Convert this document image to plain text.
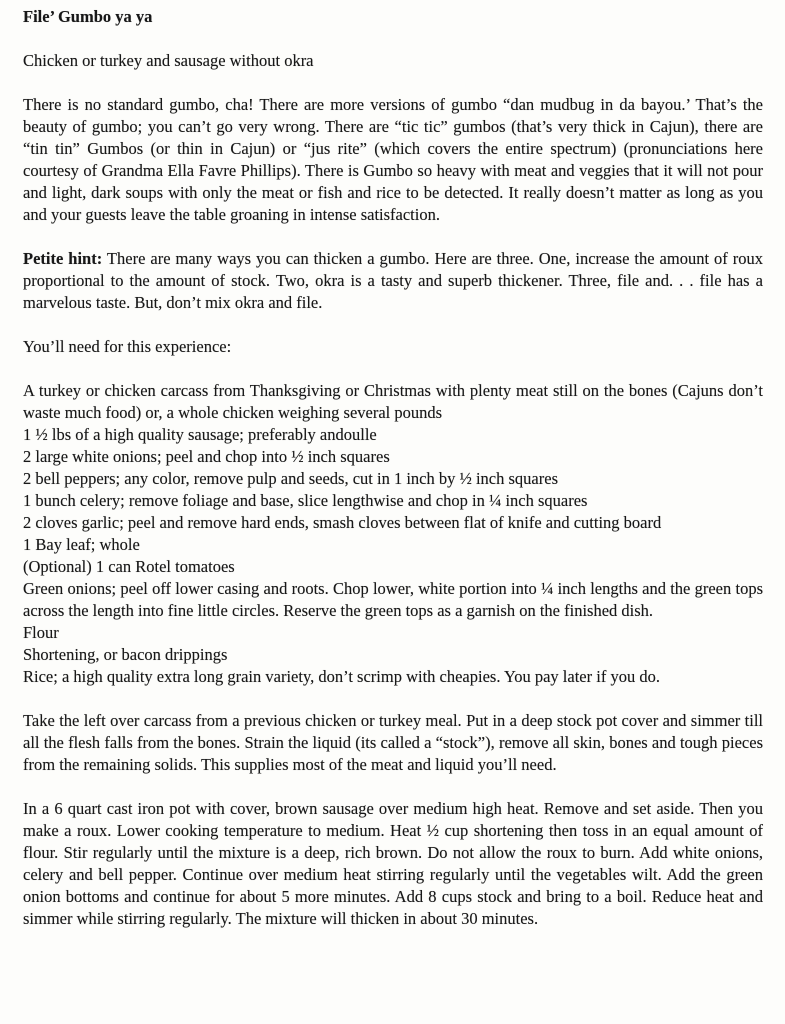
File’ Gumbo ya ya

Chicken or turkey and sausage without okra

There is no standard gumbo, cha! There are more versions of gumbo “dan mudbug in da bayou.’ That’s the beauty of gumbo; you can’t go very wrong. There are “tic tic” gumbos (that’s very thick in Cajun), there are “tin tin” Gumbos (or thin in Cajun) or “jus rite” (which covers the entire spectrum) (pronunciations here courtesy of Grandma Ella Favre Phillips). There is Gumbo so heavy with meat and veggies that it will not pour and light, dark soups with only the meat or fish and rice to be detected. It really doesn’t matter as long as you and your guests leave the table groaning in intense satisfaction.

Petite hint: There are many ways you can thicken a gumbo. Here are three. One, increase the amount of roux proportional to the amount of stock. Two, okra is a tasty and superb thickener. Three, file and. . . file has a marvelous taste. But, don’t mix okra and file.

You’ll need for this experience:

A turkey or chicken carcass from Thanksgiving or Christmas with plenty meat still on the bones (Cajuns don’t waste much food) or, a whole chicken weighing several pounds

1 ½ lbs of a high quality sausage; preferably andoulle

2 large white onions; peel and chop into ½ inch squares

2 bell peppers; any color, remove pulp and seeds, cut in 1 inch by ½ inch squares

1 bunch celery; remove foliage and base, slice lengthwise and chop in ¼ inch squares

2 cloves garlic; peel and remove hard ends, smash cloves between flat of knife and cutting board

1 Bay leaf; whole

(Optional) 1 can Rotel tomatoes

Green onions; peel off lower casing and roots. Chop lower, white portion into ¼ inch lengths and the green tops across the length into fine little circles. Reserve the green tops as a garnish on the finished dish.

Flour

Shortening, or bacon drippings

Rice; a high quality extra long grain variety, don’t scrimp with cheapies. You pay later if you do.

Take the left over carcass from a previous chicken or turkey meal. Put in a deep stock pot cover and simmer till all the flesh falls from the bones. Strain the liquid (its called a “stock”), remove all skin, bones and tough pieces from the remaining solids. This supplies most of the meat and liquid you’ll need.

In a 6 quart cast iron pot with cover, brown sausage over medium high heat. Remove and set aside. Then you make a roux. Lower cooking temperature to medium. Heat ½ cup shortening then toss in an equal amount of flour. Stir regularly until the mixture is a deep, rich brown. Do not allow the roux to burn. Add white onions, celery and bell pepper. Continue over medium heat stirring regularly until the vegetables wilt. Add the green onion bottoms and continue for about 5 more minutes. Add 8 cups stock and bring to a boil. Reduce heat and simmer while stirring regularly. The mixture will thicken in about 30 minutes.
